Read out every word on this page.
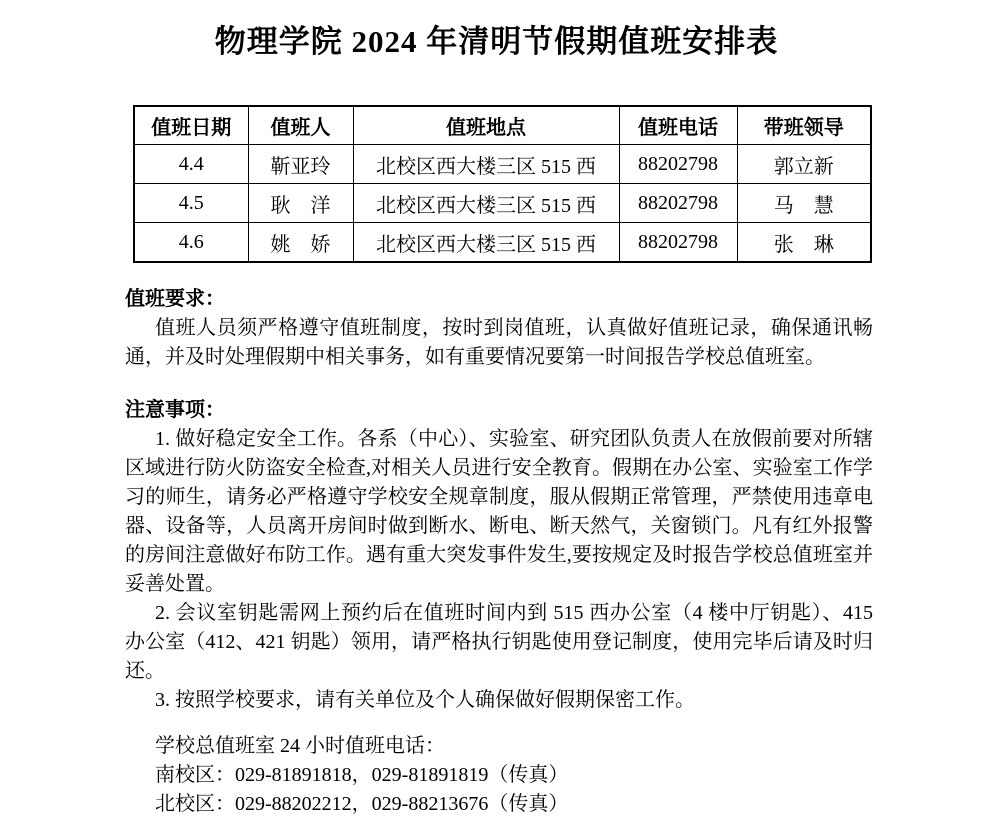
物理学院 2024 年清明节假期值班安排表
值班日期	值班人	值班地点	值班电话	带班领导
4.4	靳亚玲	北校区西大楼三区 515 西	88202798	郭立新
4.5	耿　洋	北校区西大楼三区 515 西	88202798	马　慧
4.6	姚　娇	北校区西大楼三区 515 西	88202798	张　琳
值班要求：

值班人员须严格遵守值班制度，按时到岗值班，认真做好值班记录，确保通讯畅通，并及时处理假期中相关事务，如有重要情况要第一时间报告学校总值班室。

注意事项：

1. 做好稳定安全工作。各系（中心）、实验室、研究团队负责人在放假前要对所辖区域进行防火防盗安全检查,对相关人员进行安全教育。假期在办公室、实验室工作学习的师生，请务必严格遵守学校安全规章制度，服从假期正常管理，严禁使用违章电器、设备等，人员离开房间时做到断水、断电、断天然气，关窗锁门。凡有红外报警的房间注意做好布防工作。遇有重大突发事件发生,要按规定及时报告学校总值班室并妥善处置。

2. 会议室钥匙需网上预约后在值班时间内到 515 西办公室（4 楼中厅钥匙）、415 办公室（412、421 钥匙）领用，请严格执行钥匙使用登记制度，使用完毕后请及时归还。

3. 按照学校要求，请有关单位及个人确保做好假期保密工作。

学校总值班室 24 小时值班电话：

南校区：029-81891818，029-81891819（传真）

北校区：029-88202212，029-88213676（传真）
